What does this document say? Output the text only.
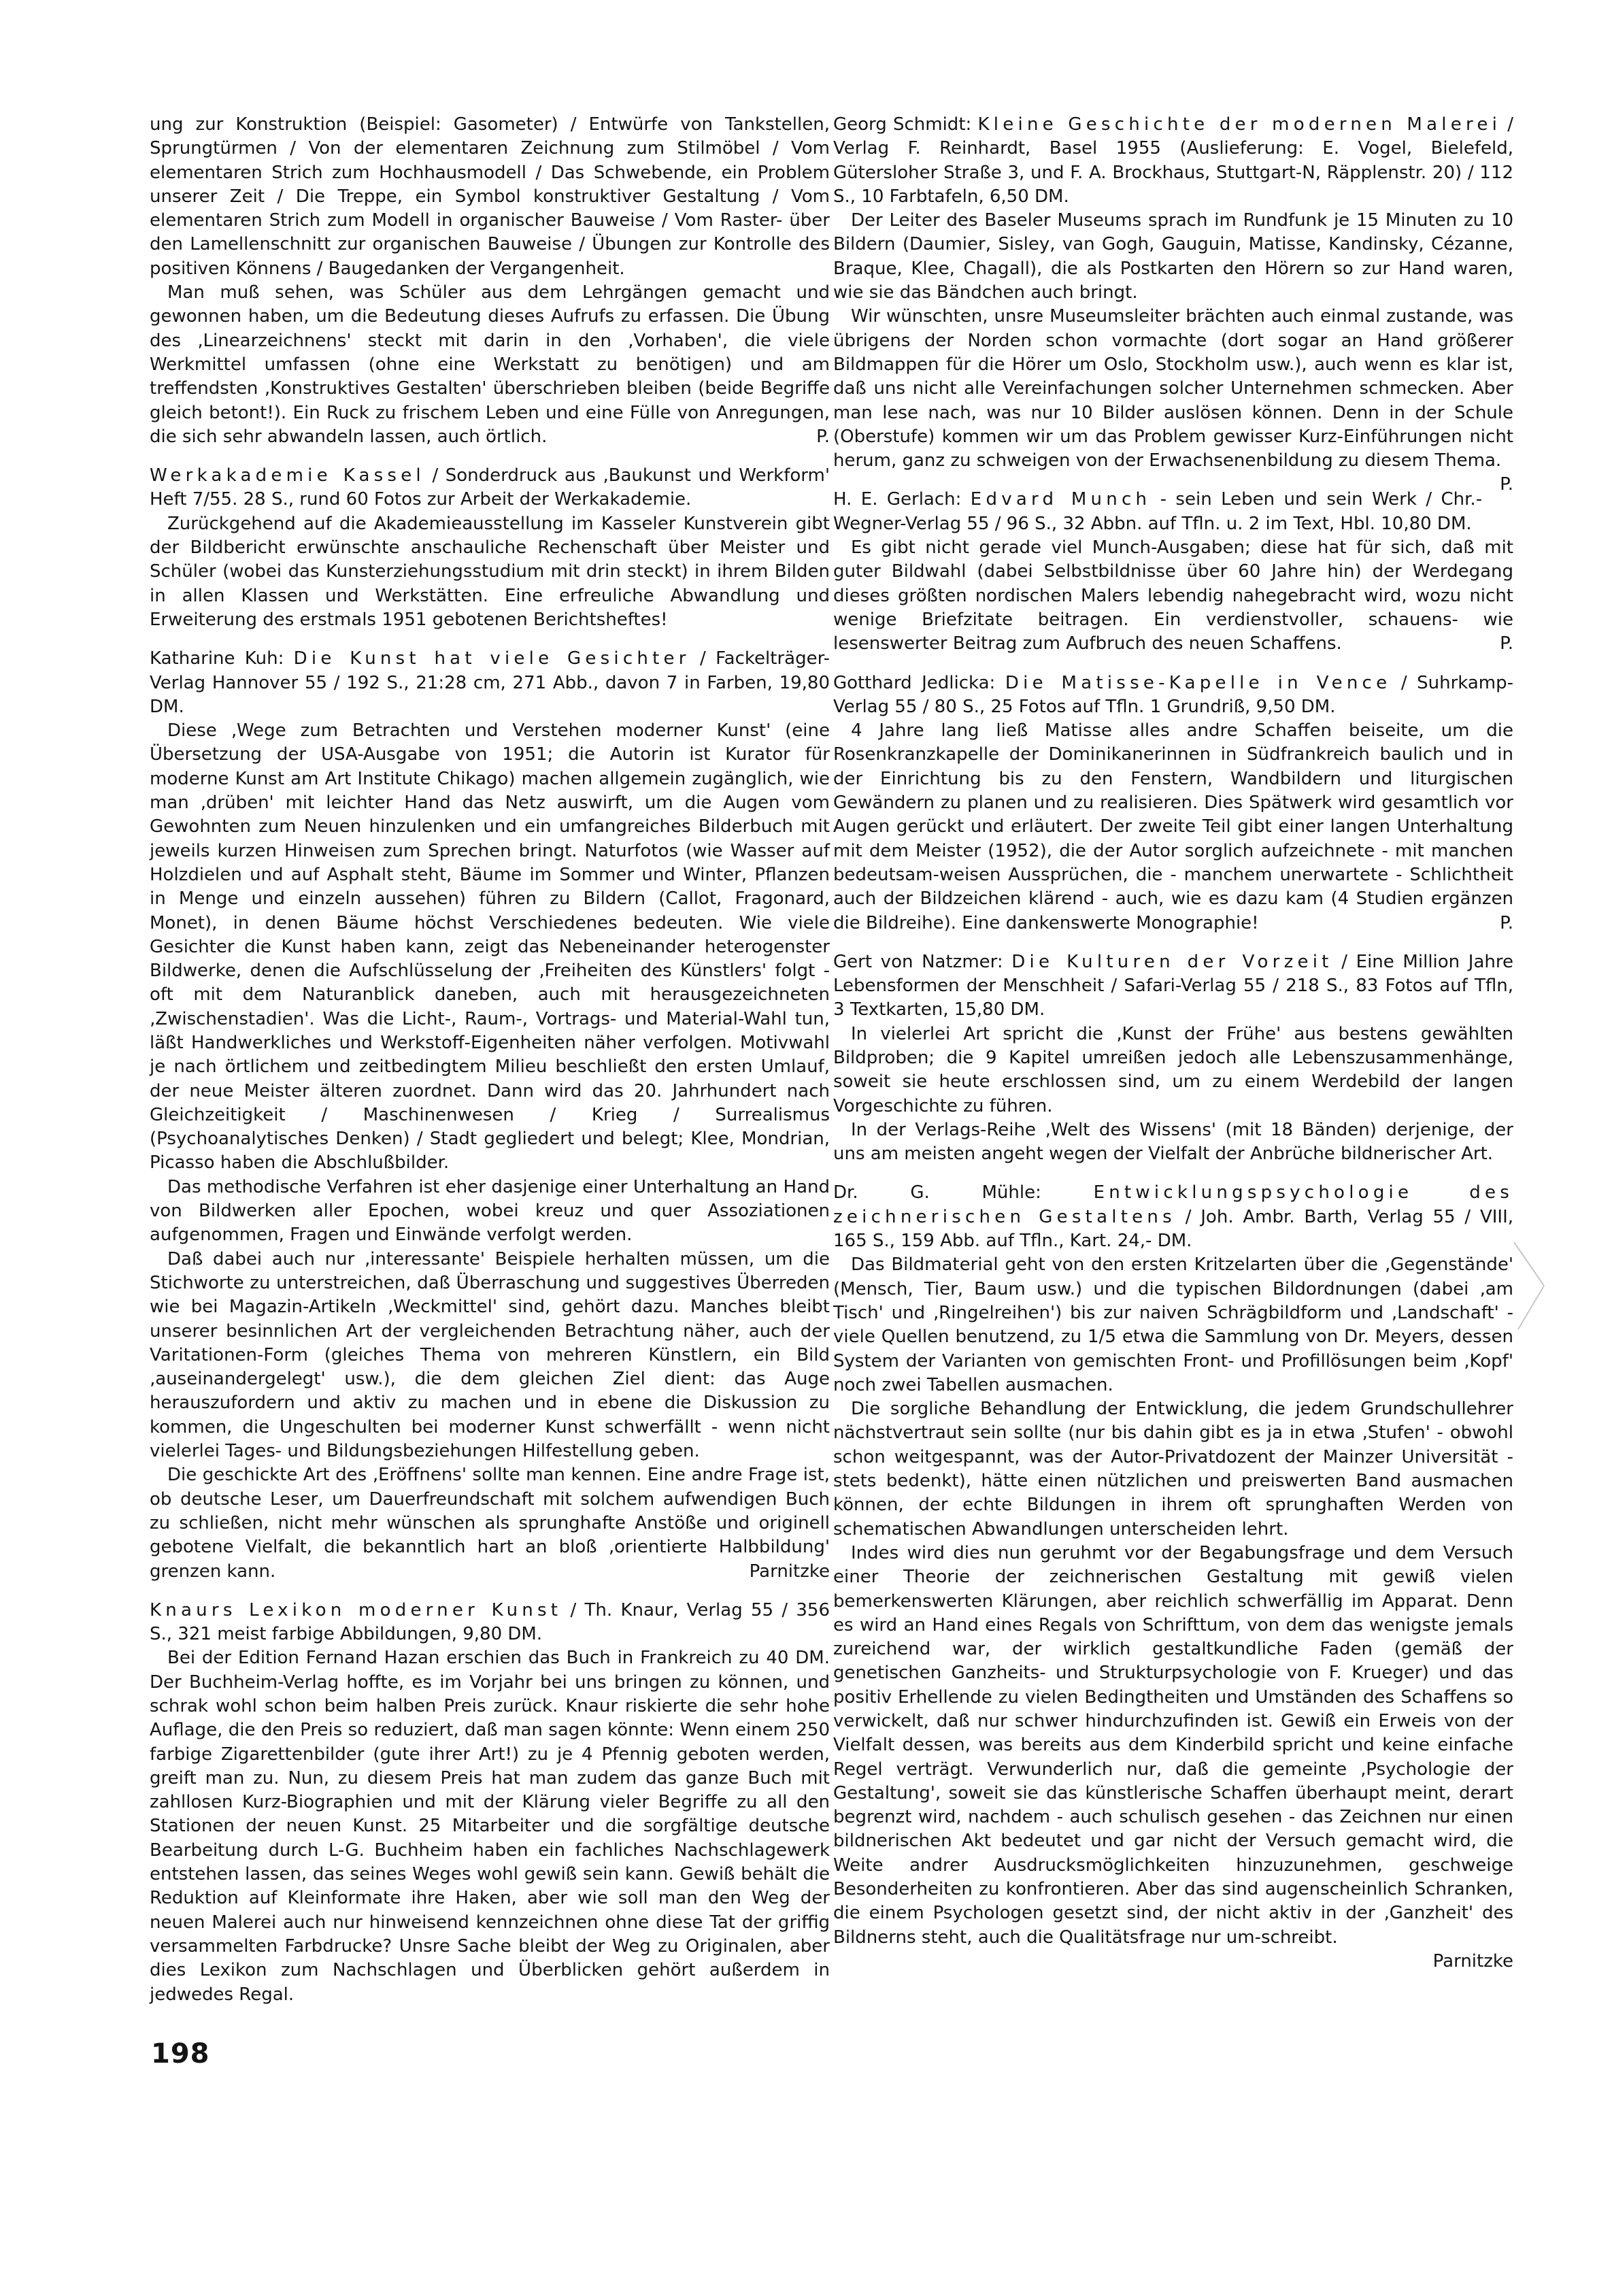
ung zur Konstruktion (Beispiel: Gasometer) / Entwürfe von Tankstellen, Sprungtürmen / Von der elementaren Zeichnung zum Stilmöbel / Vom elementaren Strich zum Hochhausmodell / Das Schwebende, ein Problem unserer Zeit / Die Treppe, ein Symbol konstruktiver Gestaltung / Vom elementaren Strich zum Modell in organischer Bauweise / Vom Raster- über den Lamellenschnitt zur organischen Bauweise / Übungen zur Kontrolle des positiven Könnens / Baugedanken der Vergangenheit.

Man muß sehen, was Schüler aus dem Lehrgängen gemacht und gewonnen haben, um die Bedeutung dieses Aufrufs zu erfassen. Die Übung des ‚Linearzeichnens' steckt mit darin in den ‚Vorhaben', die viele Werkmittel umfassen (ohne eine Werkstatt zu benötigen) und am treffendsten ‚Konstruktives Gestalten' überschrieben bleiben (beide Begriffe gleich betont!). Ein Ruck zu frischem Leben und eine Fülle von Anregungen, die sich sehr abwandeln lassen, auch örtlich.	P.

Werkakademie Kassel / Sonderdruck aus ‚Baukunst und Werkform' Heft 7/55. 28 S., rund 60 Fotos zur Arbeit der Werkakademie.

Zurückgehend auf die Akademieausstellung im Kasseler Kunstverein gibt der Bildbericht erwünschte anschauliche Rechenschaft über Meister und Schüler (wobei das Kunsterziehungsstudium mit drin steckt) in ihrem Bilden in allen Klassen und Werkstätten. Eine erfreuliche Abwandlung und Erweiterung des erstmals 1951 gebotenen Berichtsheftes!

Katharine Kuh: Die Kunst hat viele Gesichter / Fackelträger-Verlag Hannover 55 / 192 S., 21:28 cm, 271 Abb., davon 7 in Farben, 19,80 DM.

Diese ‚Wege zum Betrachten und Verstehen moderner Kunst' (eine Übersetzung der USA-Ausgabe von 1951; die Autorin ist Kurator für moderne Kunst am Art Institute Chikago) machen allgemein zugänglich, wie man ‚drüben' mit leichter Hand das Netz auswirft, um die Augen vom Gewohnten zum Neuen hinzulenken und ein umfangreiches Bilderbuch mit jeweils kurzen Hinweisen zum Sprechen bringt. Naturfotos (wie Wasser auf Holzdielen und auf Asphalt steht, Bäume im Sommer und Winter, Pflanzen in Menge und einzeln aussehen) führen zu Bildern (Callot, Fragonard, Monet), in denen Bäume höchst Verschiedenes bedeuten. Wie viele Gesichter die Kunst haben kann, zeigt das Nebeneinander heterogenster Bildwerke, denen die Aufschlüsselung der ‚Freiheiten des Künstlers' folgt - oft mit dem Naturanblick daneben, auch mit herausgezeichneten ‚Zwischenstadien'. Was die Licht-, Raum-, Vortrags- und Material-Wahl tun, läßt Handwerkliches und Werkstoff-Eigenheiten näher verfolgen. Motivwahl je nach örtlichem und zeitbedingtem Milieu beschließt den ersten Umlauf, der neue Meister älteren zuordnet. Dann wird das 20. Jahrhundert nach Gleichzeitigkeit / Maschinenwesen / Krieg / Surrealismus (Psychoanalytisches Denken) / Stadt gegliedert und belegt; Klee, Mondrian, Picasso haben die Abschlußbilder.

Das methodische Verfahren ist eher dasjenige einer Unterhaltung an Hand von Bildwerken aller Epochen, wobei kreuz und quer Assoziationen aufgenommen, Fragen und Einwände verfolgt werden.

Daß dabei auch nur ‚interessante' Beispiele herhalten müssen, um die Stichworte zu unterstreichen, daß Überraschung und suggestives Überreden wie bei Magazin-Artikeln ‚Weckmittel' sind, gehört dazu. Manches bleibt unserer besinnlichen Art der vergleichenden Betrachtung näher, auch der Varitationen-Form (gleiches Thema von mehreren Künstlern, ein Bild ‚auseinandergelegt' usw.), die dem gleichen Ziel dient: das Auge herauszufordern und aktiv zu machen und in ebene die Diskussion zu kommen, die Ungeschulten bei moderner Kunst schwerfällt - wenn nicht vielerlei Tages- und Bildungsbeziehungen Hilfestellung geben.

Die geschickte Art des ‚Eröffnens' sollte man kennen. Eine andre Frage ist, ob deutsche Leser, um Dauerfreundschaft mit solchem aufwendigen Buch zu schließen, nicht mehr wünschen als sprunghafte Anstöße und originell gebotene Vielfalt, die bekanntlich hart an bloß ‚orientierte Halbbildung' grenzen kann.	Parnitzke

Knaurs Lexikon moderner Kunst / Th. Knaur, Verlag 55 / 356 S., 321 meist farbige Abbildungen, 9,80 DM.

Bei der Edition Fernand Hazan erschien das Buch in Frankreich zu 40 DM. Der Buchheim-Verlag hoffte, es im Vorjahr bei uns bringen zu können, und schrak wohl schon beim halben Preis zurück. Knaur riskierte die sehr hohe Auflage, die den Preis so reduziert, daß man sagen könnte: Wenn einem 250 farbige Zigarettenbilder (gute ihrer Art!) zu je 4 Pfennig geboten werden, greift man zu. Nun, zu diesem Preis hat man zudem das ganze Buch mit zahllosen Kurz-Biographien und mit der Klärung vieler Begriffe zu all den Stationen der neuen Kunst. 25 Mitarbeiter und die sorgfältige deutsche Bearbeitung durch L-G. Buchheim haben ein fachliches Nachschlagewerk entstehen lassen, das seines Weges wohl gewiß sein kann. Gewiß behält die Reduktion auf Kleinformate ihre Haken, aber wie soll man den Weg der neuen Malerei auch nur hinweisend kennzeichnen ohne diese Tat der griffig versammelten Farbdrucke? Unsre Sache bleibt der Weg zu Originalen, aber dies Lexikon zum Nachschlagen und Überblicken gehört außerdem in jedwedes Regal.

Georg Schmidt: Kleine Geschichte der modernen Malerei / Verlag F. Reinhardt, Basel 1955 (Auslieferung: E. Vogel, Bielefeld, Gütersloher Straße 3, und F. A. Brockhaus, Stuttgart-N, Räpplenstr. 20) / 112 S., 10 Farbtafeln, 6,50 DM.

Der Leiter des Baseler Museums sprach im Rundfunk je 15 Minuten zu 10 Bildern (Daumier, Sisley, van Gogh, Gauguin, Matisse, Kandinsky, Cézanne, Braque, Klee, Chagall), die als Postkarten den Hörern so zur Hand waren, wie sie das Bändchen auch bringt.

Wir wünschten, unsre Museumsleiter brächten auch einmal zustande, was übrigens der Norden schon vormachte (dort sogar an Hand größerer Bildmappen für die Hörer um Oslo, Stockholm usw.), auch wenn es klar ist, daß uns nicht alle Vereinfachungen solcher Unternehmen schmecken. Aber man lese nach, was nur 10 Bilder auslösen können. Denn in der Schule (Oberstufe) kommen wir um das Problem gewisser Kurz-Einführungen nicht herum, ganz zu schweigen von der Erwachsenenbildung zu diesem Thema.
P.

H. E. Gerlach: Edvard Munch - sein Leben und sein Werk / Chr.-Wegner-Verlag 55 / 96 S., 32 Abbn. auf Tfln. u. 2 im Text, Hbl. 10,80 DM.

Es gibt nicht gerade viel Munch-Ausgaben; diese hat für sich, daß mit guter Bildwahl (dabei Selbstbildnisse über 60 Jahre hin) der Werdegang dieses größten nordischen Malers lebendig nahegebracht wird, wozu nicht wenige Briefzitate beitragen. Ein verdienstvoller, schauens- wie lesenswerter Beitrag zum Aufbruch des neuen Schaffens.	P.

Gotthard Jedlicka: Die Matisse-Kapelle in Vence / Suhrkamp-Verlag 55 / 80 S., 25 Fotos auf Tfln. 1 Grundriß, 9,50 DM.

4 Jahre lang ließ Matisse alles andre Schaffen beiseite, um die Rosenkranzkapelle der Dominikanerinnen in Südfrankreich baulich und in der Einrichtung bis zu den Fenstern, Wandbildern und liturgischen Gewändern zu planen und zu realisieren. Dies Spätwerk wird gesamtlich vor Augen gerückt und erläutert. Der zweite Teil gibt einer langen Unterhaltung mit dem Meister (1952), die der Autor sorglich aufzeichnete - mit manchen bedeutsam-weisen Aussprüchen, die - manchem unerwartete - Schlichtheit auch der Bildzeichen klärend - auch, wie es dazu kam (4 Studien ergänzen die Bildreihe). Eine dankenswerte Monographie!	P.

Gert von Natzmer: Die Kulturen der Vorzeit / Eine Million Jahre Lebensformen der Menschheit / Safari-Verlag 55 / 218 S., 83 Fotos auf Tfln, 3 Textkarten, 15,80 DM.

In vielerlei Art spricht die ‚Kunst der Frühe' aus bestens gewählten Bildproben; die 9 Kapitel umreißen jedoch alle Lebenszusammenhänge, soweit sie heute erschlossen sind, um zu einem Werdebild der langen Vorgeschichte zu führen.

In der Verlags-Reihe ‚Welt des Wissens' (mit 18 Bänden) derjenige, der uns am meisten angeht wegen der Vielfalt der Anbrüche bildnerischer Art.

Dr. G. Mühle:	Entwicklungspsychologie des zeichnerischen Gestaltens / Joh. Ambr. Barth, Verlag 55 / VIII, 165 S., 159 Abb. auf Tfln., Kart. 24,- DM.

Das Bildmaterial geht von den ersten Kritzelarten über die ‚Gegenstände' (Mensch, Tier, Baum usw.) und die typischen Bildordnungen (dabei ‚am Tisch' und ‚Ringelreihen') bis zur naiven Schrägbildform und ‚Landschaft' - viele Quellen benutzend, zu 1/5 etwa die Sammlung von Dr. Meyers, dessen System der Varianten von gemischten Front- und Profillösungen beim ‚Kopf' noch zwei Tabellen ausmachen.

Die sorgliche Behandlung der Entwicklung, die jedem Grundschullehrer nächstvertraut sein sollte (nur bis dahin gibt es ja in etwa ‚Stufen' - obwohl schon weitgespannt, was der Autor-Privatdozent der Mainzer Universität - stets bedenkt), hätte einen nützlichen und preiswerten Band ausmachen können, der echte Bildungen in ihrem oft sprunghaften Werden von schematischen Abwandlungen unterscheiden lehrt.

Indes wird dies nun geruhmt vor der Begabungsfrage und dem Versuch einer Theorie der zeichnerischen Gestaltung mit gewiß vielen bemerkenswerten Klärungen, aber reichlich schwerfällig im Apparat. Denn es wird an Hand eines Regals von Schrifttum, von dem das wenigste jemals zureichend war, der wirklich gestaltkundliche Faden (gemäß der genetischen Ganzheits- und Strukturpsychologie von F. Krueger) und das positiv Erhellende zu vielen Bedingtheiten und Umständen des Schaffens so verwickelt, daß nur schwer hindurchzufinden ist. Gewiß ein Erweis von der Vielfalt dessen, was bereits aus dem Kinderbild spricht und keine einfache Regel verträgt. Verwunderlich nur, daß die gemeinte ‚Psychologie der Gestaltung', soweit sie das künstlerische Schaffen überhaupt meint, derart begrenzt wird, nachdem - auch schulisch gesehen - das Zeichnen nur einen bildnerischen Akt bedeutet und gar nicht der Versuch gemacht wird, die Weite andrer Ausdrucksmöglichkeiten hinzuzunehmen, geschweige Besonderheiten zu konfrontieren. Aber das sind augenscheinlich Schranken, die einem Psychologen gesetzt sind, der nicht aktiv in der ‚Ganzheit' des Bildnerns steht, auch die Qualitätsfrage nur um-schreibt.

Parnitzke

198
